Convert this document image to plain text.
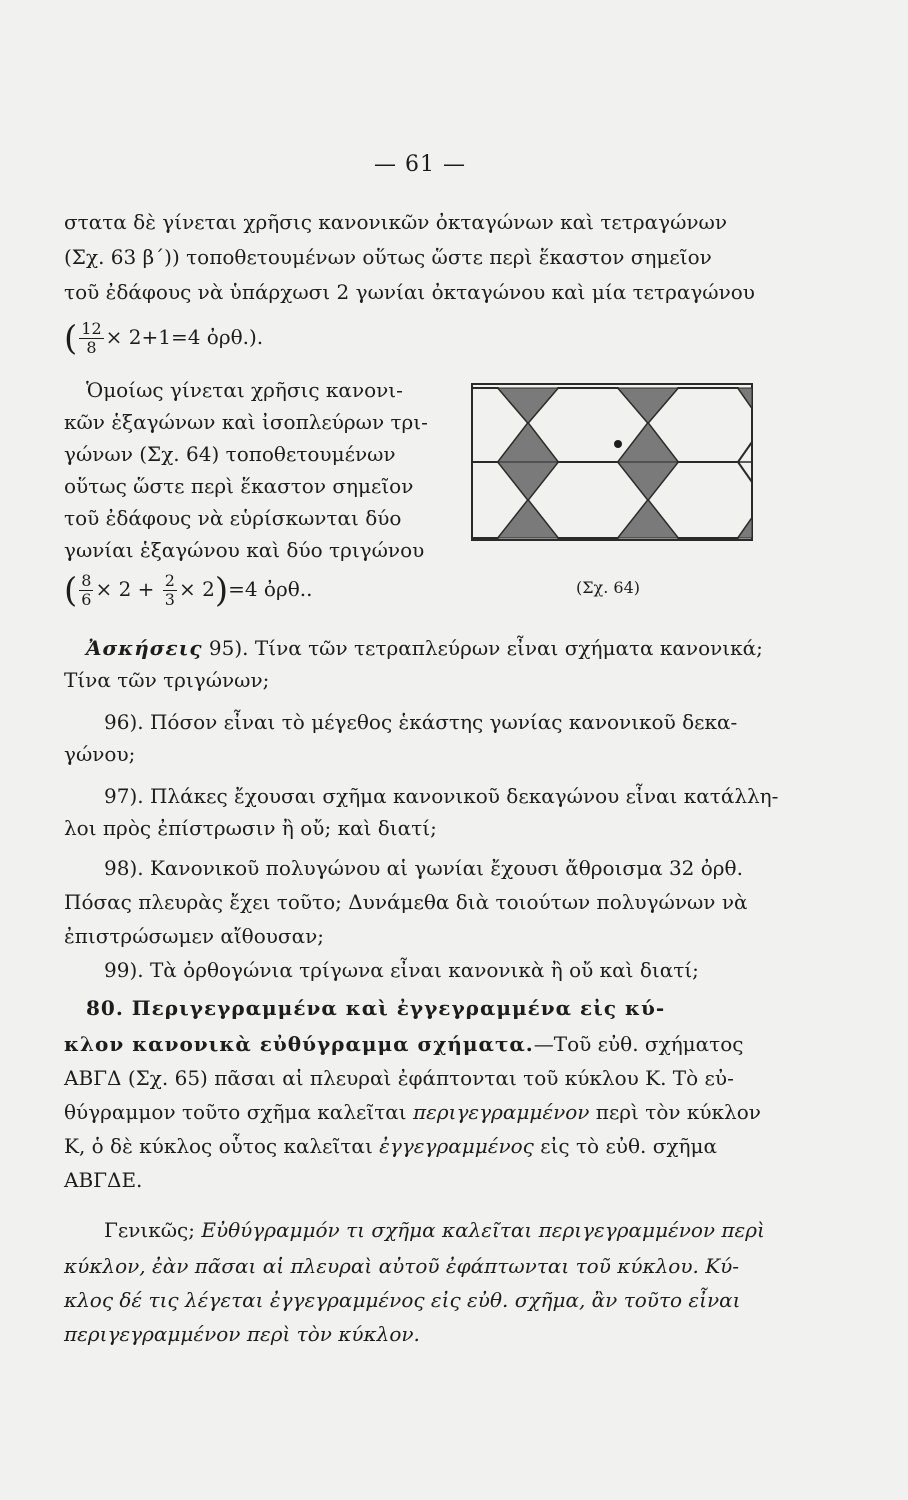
— 61 —
στατα δὲ γίνεται χρῆσις κανονικῶν ὀκταγώνων καὶ τετραγώνων
(Σχ. 63 β΄)) τοποθετουμένων οὕτως ὥστε περὶ ἕκαστον σημεῖον
τοῦ ἐδάφους νὰ ὑπάρχωσι 2 γωνίαι ὀκταγώνου καὶ μία τετραγώνου
( $\frac{12}{8} \times 2+1=4$ ὀρθ.).
Ὁμοίως γίνεται χρῆσις κανονι-
κῶν ἑξαγώνων καὶ ἰσοπλεύρων τρι-
γώνων (Σχ. 64) τοποθετουμένων
οὕτως ὥστε περὶ ἕκαστον σημεῖον
τοῦ ἐδάφους νὰ εὑρίσκωνται δύο
γωνίαι ἑξαγώνου καὶ δύο τριγώνου
( $\frac{8}{6} \times 2 + \frac{2}{3} \times 2)=4$ ὀρθ..	(Σχ. 64)
Ἀσκήσεις 95). Τίνα τῶν τετραπλεύρων εἶναι σχήματα κανονικά;
Τίνα τῶν τριγώνων;
96). Πόσον εἶναι τὸ μέγεθος ἑκάστης γωνίας κανονικοῦ δεκα-
γώνου;
97). Πλάκες ἔχουσαι σχῆμα κανονικοῦ δεκαγώνου εἶναι κατάλλη-
λοι πρὸς ἐπίστρωσιν ἢ οὔ; καὶ διατί;
98). Κανονικοῦ πολυγώνου αἱ γωνίαι ἔχουσι ἄθροισμα 32 ὀρθ.
Πόσας πλευρὰς ἔχει τοῦτο; Δυνάμεθα διὰ τοιούτων πολυγώνων νὰ
ἐπιστρώσωμεν αἴθουσαν;
99). Τὰ ὀρθογώνια τρίγωνα εἶναι κανονικὰ ἢ οὔ καὶ διατί;
80. Περιγεγραμμένα καὶ ἐγγεγραμμένα εἰς κύ-
κλον κανονικὰ εὐθύγραμμα σχήματα.—Τοῦ εὐθ. σχήματος
ΑΒΓΔ (Σχ. 65) πᾶσαι αἱ πλευραὶ ἐφάπτονται τοῦ κύκλου Κ. Τὸ εὐ-
θύγραμμον τοῦτο σχῆμα καλεῖται περιγεγραμμένον περὶ τὸν κύκλον
Κ, ὁ δὲ κύκλος οὗτος καλεῖται ἐγγεγραμμένος εἰς τὸ εὐθ. σχῆμα
ΑΒΓΔΕ.
Γενικῶς; Εὐθύγραμμόν τι σχῆμα καλεῖται περιγεγραμμένον περὶ
κύκλον, ἐὰν πᾶσαι αἱ πλευραὶ αὐτοῦ ἐφάπτωνται τοῦ κύκλου. Κύ-
κλος δέ τις λέγεται ἐγγεγραμμένος εἰς εὐθ. σχῆμα, ἂν τοῦτο εἶναι
περιγεγραμμένον περὶ τὸν κύκλον.
